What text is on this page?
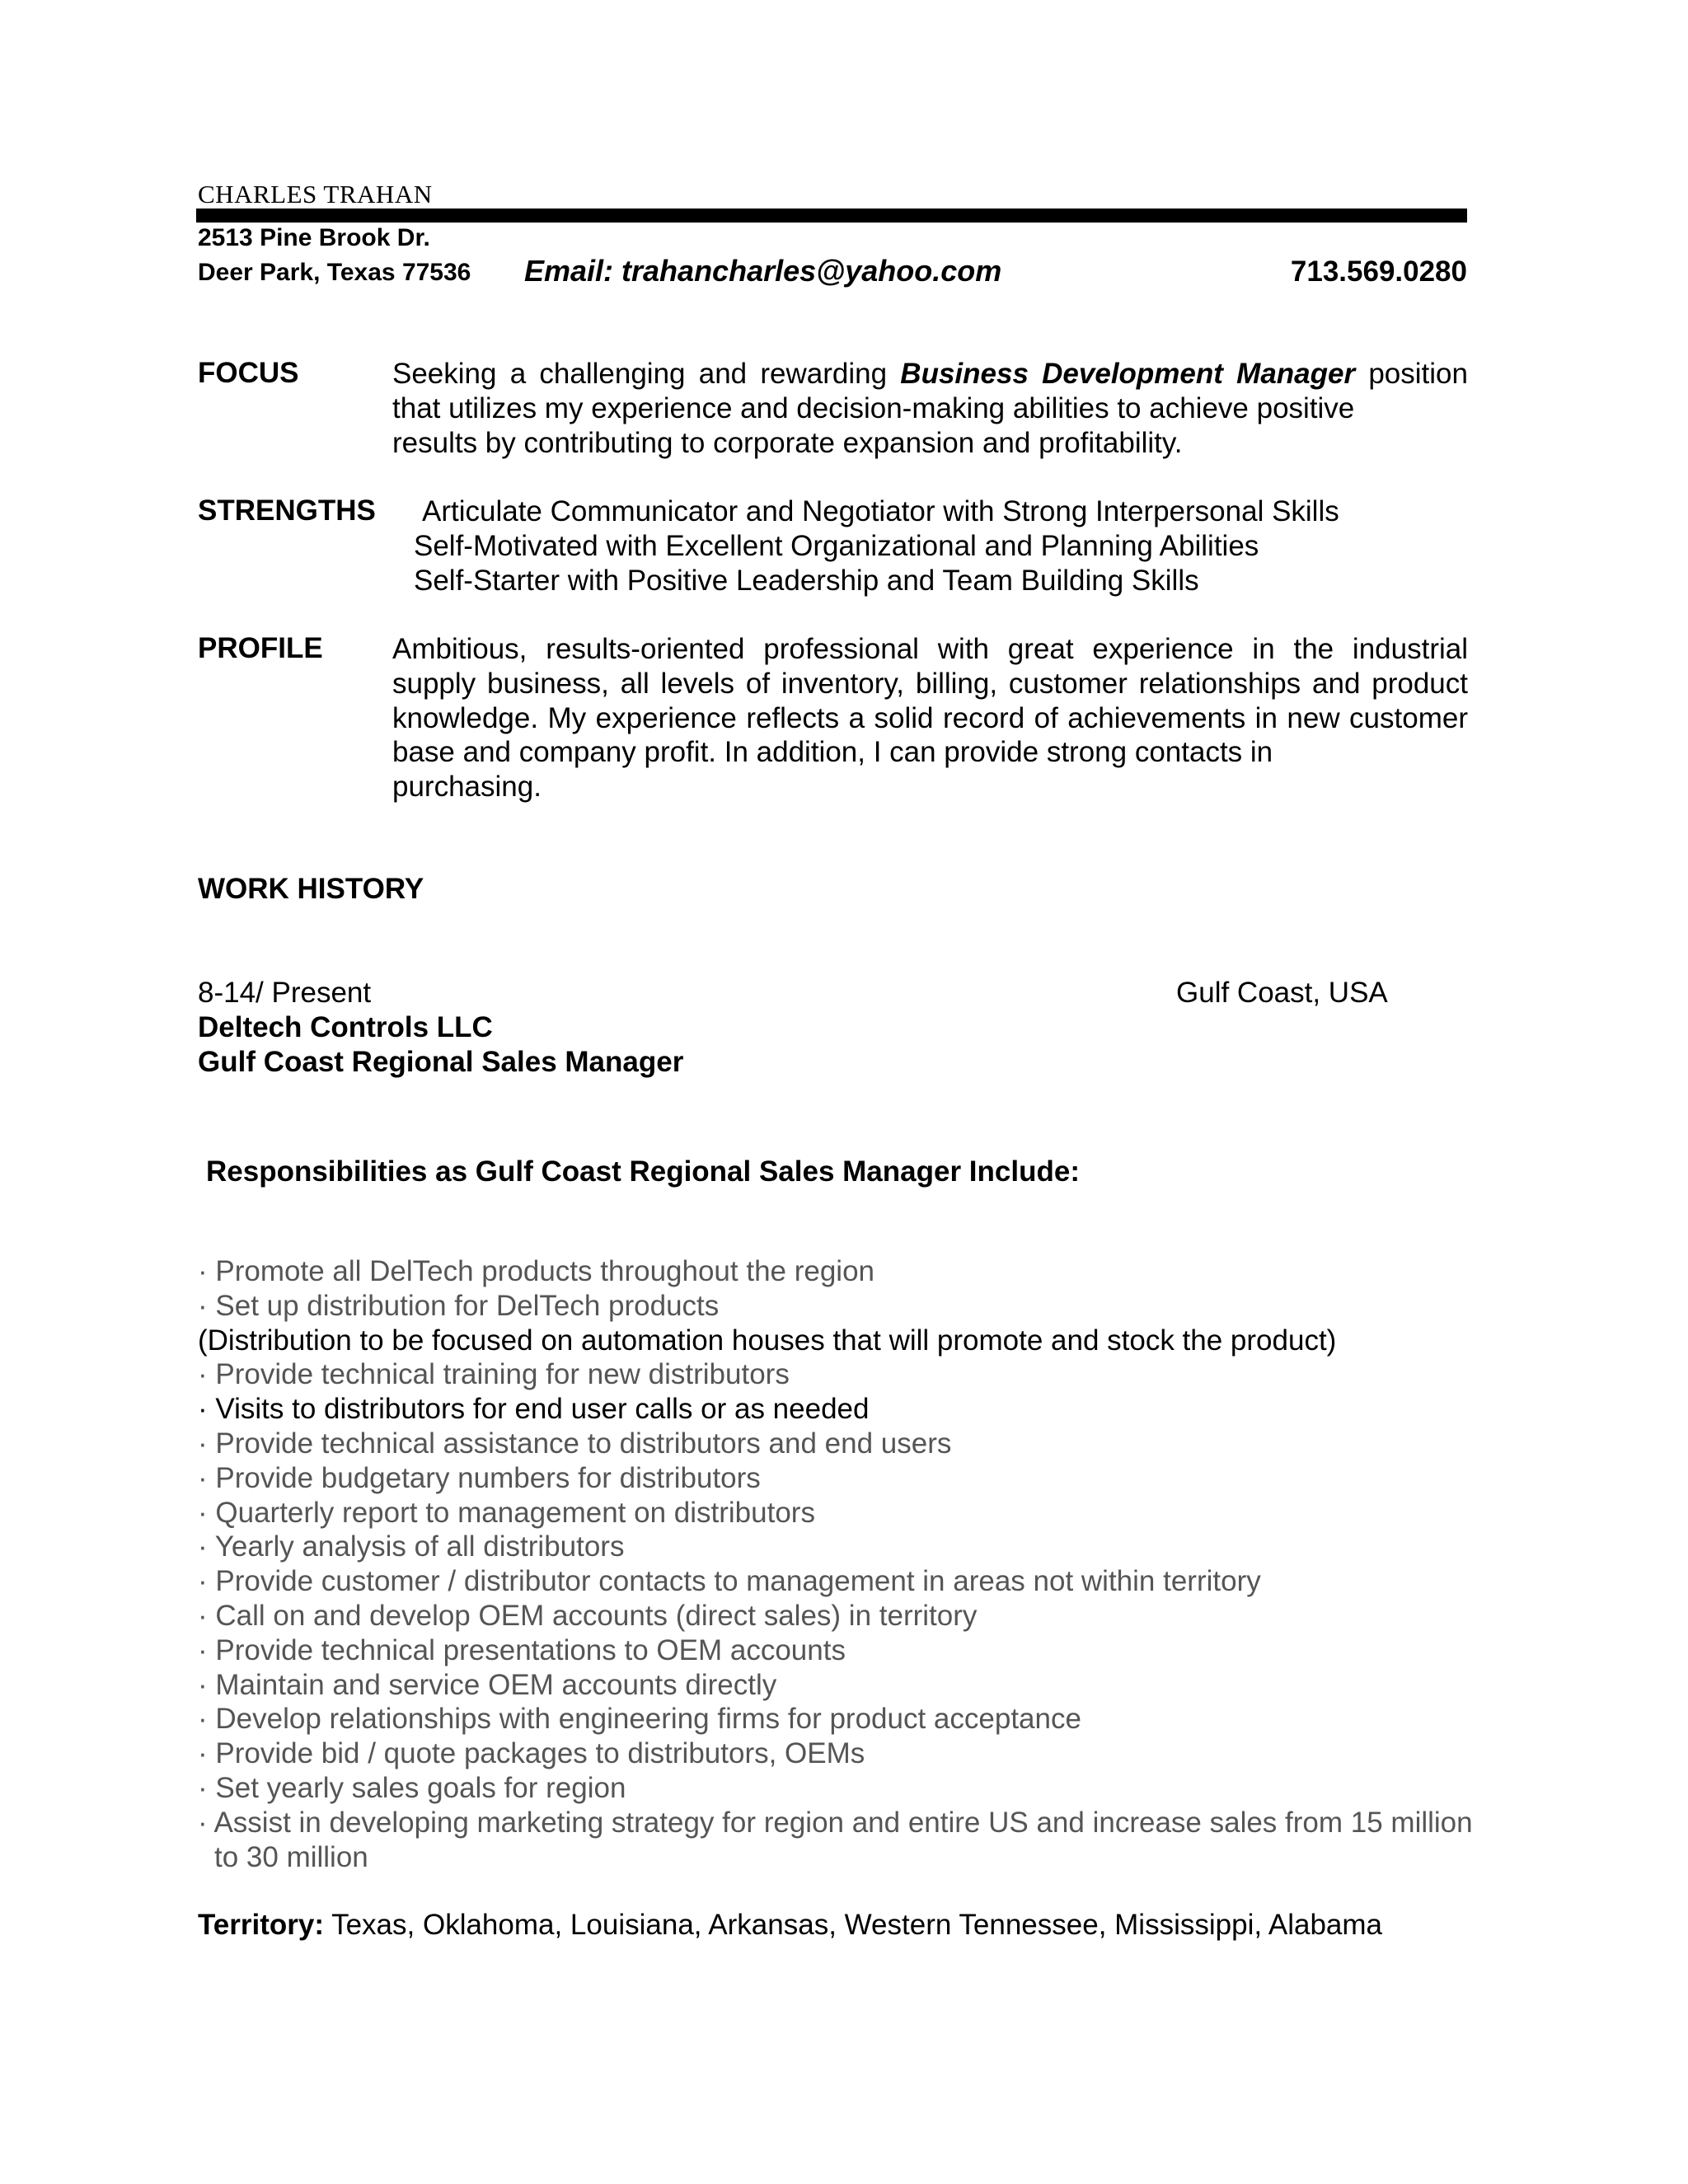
CHARLES TRAHAN
2513 Pine Brook Dr.
Deer Park, Texas 77536 Email: trahancharles@yahoo.com	713.569.0280
FOCUS	Seeking a challenging and rewarding Business Development Manager position that utilizes my experience and decision-making abilities to achieve positive
results by contributing to corporate expansion and profitability.
STRENGTHS Articulate Communicator and Negotiator with Strong Interpersonal Skills
Self-Motivated with Excellent Organizational and Planning Abilities
Self-Starter with Positive Leadership and Team Building Skills
PROFILE Ambitious, results-oriented professional with great experience in the industrial supply business, all levels of inventory, billing, customer relationships and product knowledge. My experience reflects a solid record of achievements in new customer base and company profit. In addition, I can provide strong contacts in
purchasing.
WORK HISTORY
8-14/ Present	Gulf Coast, USA
Deltech Controls LLC
Gulf Coast Regional Sales Manager
Responsibilities as Gulf Coast Regional Sales Manager Include:
· Promote all DelTech products throughout the region
· Set up distribution for DelTech products
(Distribution to be focused on automation houses that will promote and stock the product)
· Provide technical training for new distributors
· Visits to distributors for end user calls or as needed
· Provide technical assistance to distributors and end users
· Provide budgetary numbers for distributors
· Quarterly report to management on distributors
· Yearly analysis of all distributors
· Provide customer / distributor contacts to management in areas not within territory
· Call on and develop OEM accounts (direct sales) in territory
· Provide technical presentations to OEM accounts
· Maintain and service OEM accounts directly
· Develop relationships with engineering firms for product acceptance
· Provide bid / quote packages to distributors, OEMs
· Set yearly sales goals for region
· Assist in developing marketing strategy for region and entire US and increase sales from 15 million
to 30 million
Territory: Texas, Oklahoma, Louisiana, Arkansas, Western Tennessee, Mississippi, Alabama
